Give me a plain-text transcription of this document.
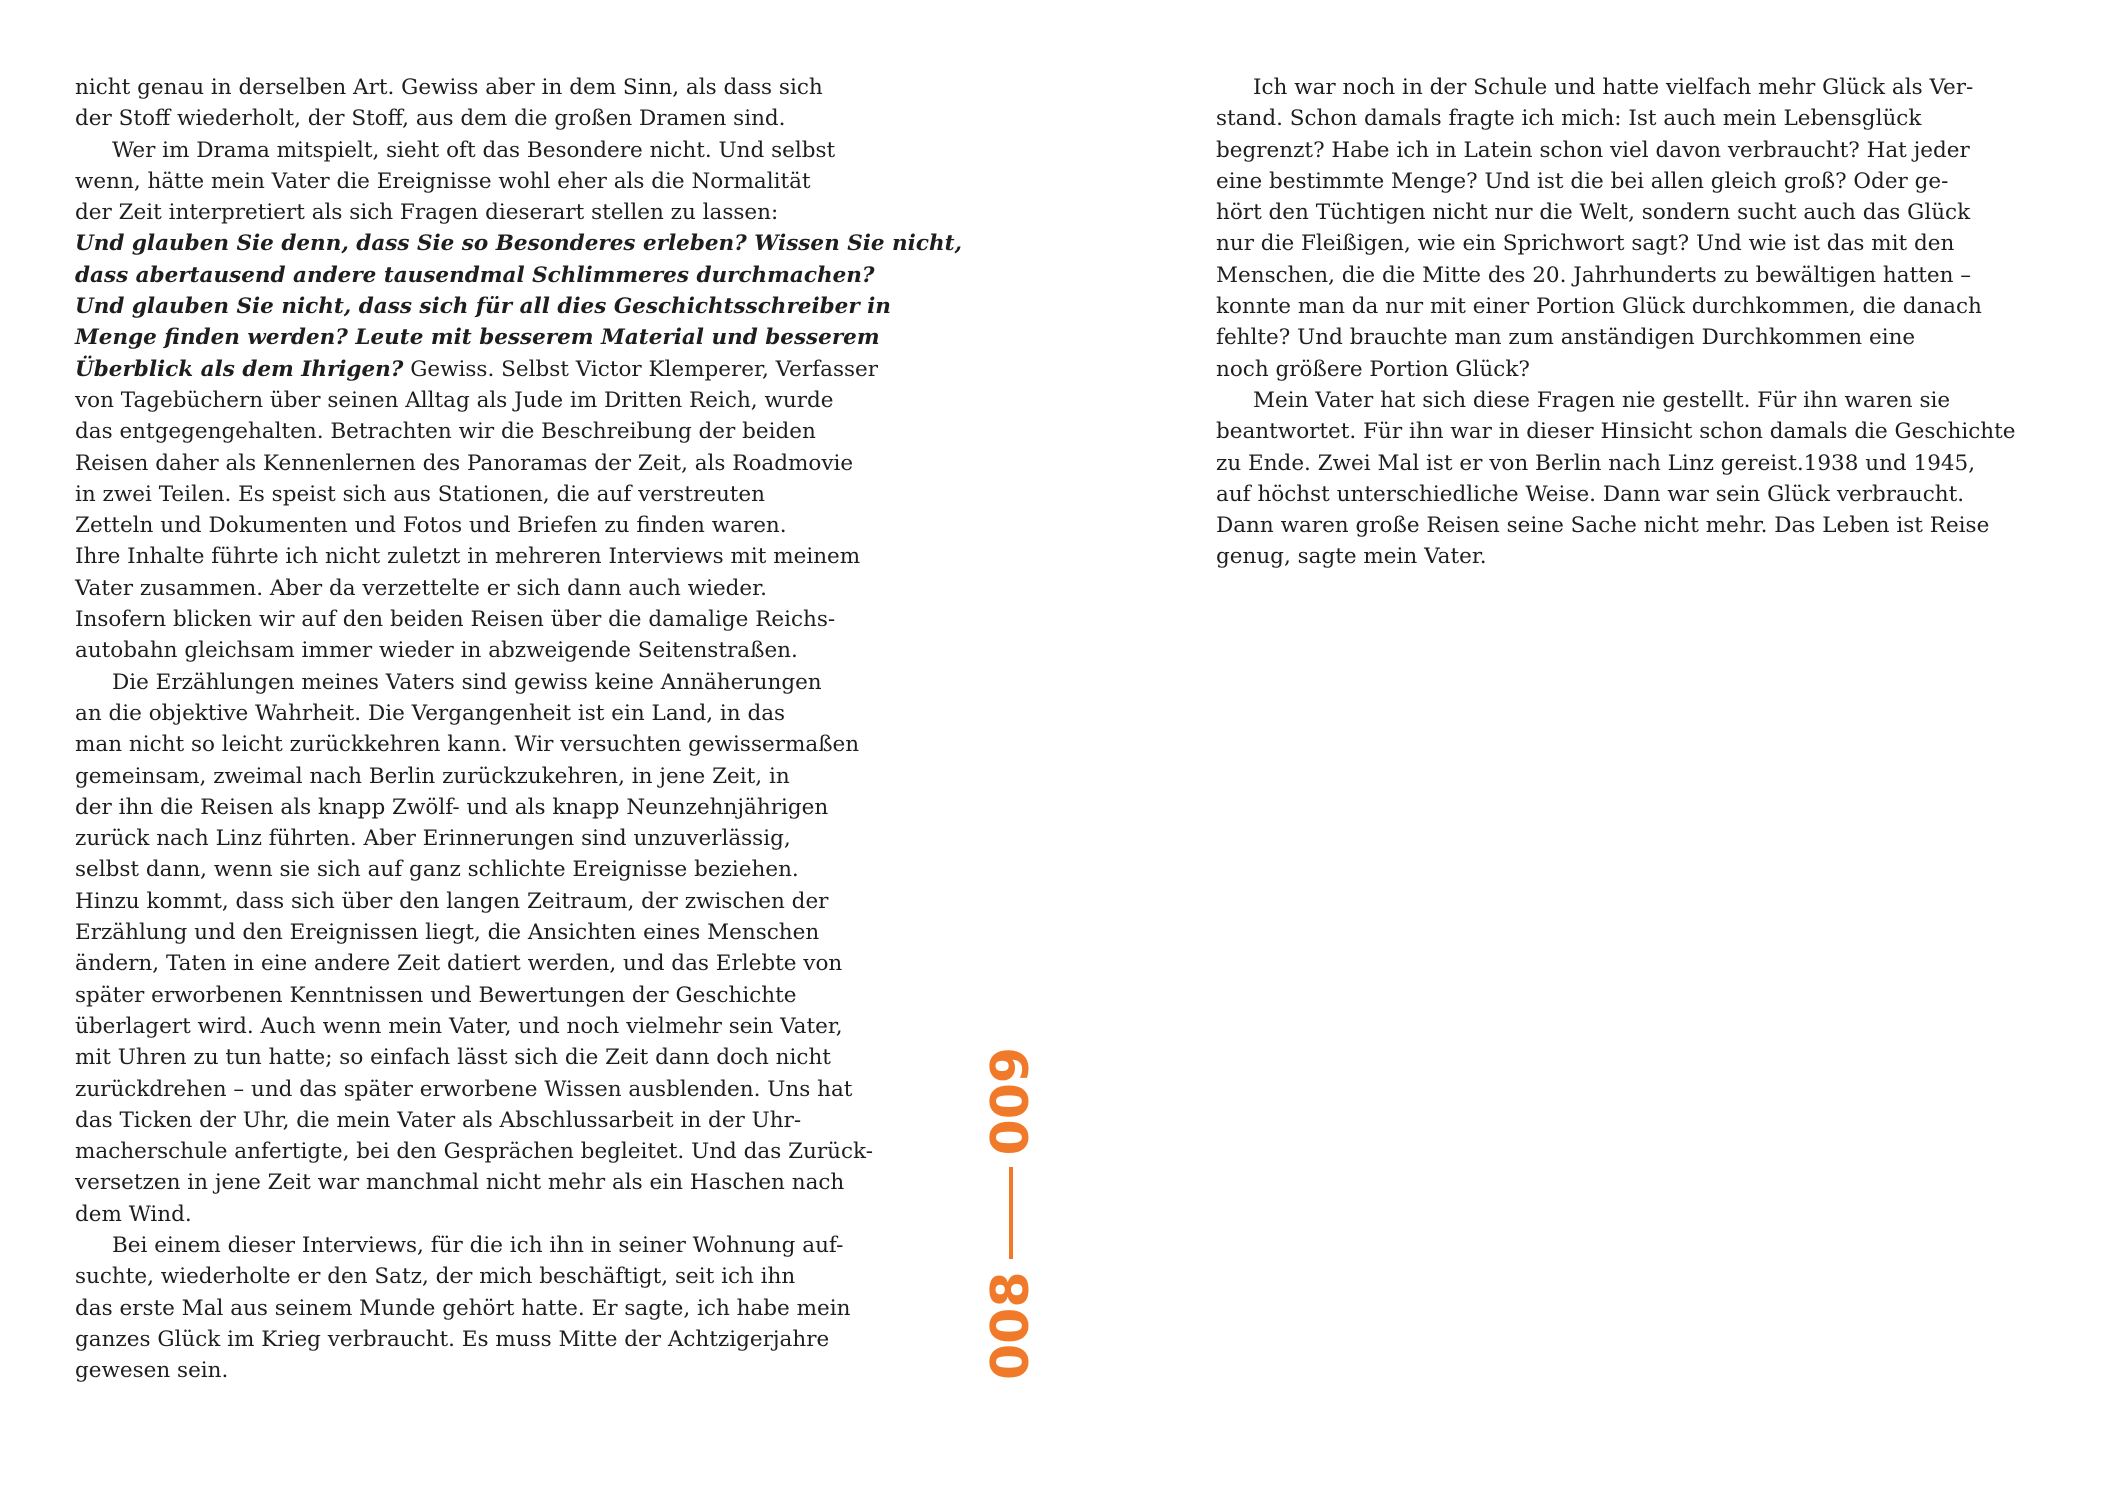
nicht genau in derselben Art. Gewiss aber in dem Sinn, als dass sich
der Stoff wiederholt, der Stoff, aus dem die großen Dramen sind.
Wer im Drama mitspielt, sieht oft das Besondere nicht. Und selbst
wenn, hätte mein Vater die Ereignisse wohl eher als die Normalität
der Zeit interpretiert als sich Fragen dieserart stellen zu lassen:
Und glauben Sie denn, dass Sie so Besonderes erleben? Wissen Sie nicht,
dass abertausend andere tausendmal Schlimmeres durchmachen?
Und glauben Sie nicht, dass sich für all dies Geschichtsschreiber in
Menge finden werden? Leute mit besserem Material und besserem
Überblick als dem Ihrigen? Gewiss. Selbst Victor Klemperer, Verfasser
von Tagebüchern über seinen Alltag als Jude im Dritten Reich, wurde
das entgegengehalten. Betrachten wir die Beschreibung der beiden
Reisen daher als Kennenlernen des Panoramas der Zeit, als Roadmovie
in zwei Teilen. Es speist sich aus Stationen, die auf verstreuten
Zetteln und Dokumenten und Fotos und Briefen zu finden waren.
Ihre Inhalte führte ich nicht zuletzt in mehreren Interviews mit meinem
Vater zusammen. Aber da verzettelte er sich dann auch wieder.
Insofern blicken wir auf den beiden Reisen über die damalige Reichs-
autobahn gleichsam immer wieder in abzweigende Seitenstraßen.
Die Erzählungen meines Vaters sind gewiss keine Annäherungen
an die objektive Wahrheit. Die Vergangenheit ist ein Land, in das
man nicht so leicht zurückkehren kann. Wir versuchten gewissermaßen
gemeinsam, zweimal nach Berlin zurückzukehren, in jene Zeit, in
der ihn die Reisen als knapp Zwölf- und als knapp Neunzehnjährigen
zurück nach Linz führten. Aber Erinnerungen sind unzuverlässig,
selbst dann, wenn sie sich auf ganz schlichte Ereignisse beziehen.
Hinzu kommt, dass sich über den langen Zeitraum, der zwischen der
Erzählung und den Ereignissen liegt, die Ansichten eines Menschen
ändern, Taten in eine andere Zeit datiert werden, und das Erlebte von
später erworbenen Kenntnissen und Bewertungen der Geschichte
überlagert wird. Auch wenn mein Vater, und noch vielmehr sein Vater,
mit Uhren zu tun hatte; so einfach lässt sich die Zeit dann doch nicht
zurückdrehen – und das später erworbene Wissen ausblenden. Uns hat
das Ticken der Uhr, die mein Vater als Abschlussarbeit in der Uhr-
macherschule anfertigte, bei den Gesprächen begleitet. Und das Zurück-
versetzen in jene Zeit war manchmal nicht mehr als ein Haschen nach
dem Wind.
Bei einem dieser Interviews, für die ich ihn in seiner Wohnung auf-
suchte, wiederholte er den Satz, der mich beschäftigt, seit ich ihn
das erste Mal aus seinem Munde gehört hatte. Er sagte, ich habe mein
ganzes Glück im Krieg verbraucht. Es muss Mitte der Achtzigerjahre
gewesen sein.
Ich war noch in der Schule und hatte vielfach mehr Glück als Ver-
stand. Schon damals fragte ich mich: Ist auch mein Lebensglück
begrenzt? Habe ich in Latein schon viel davon verbraucht? Hat jeder
eine bestimmte Menge? Und ist die bei allen gleich groß? Oder ge-
hört den Tüchtigen nicht nur die Welt, sondern sucht auch das Glück
nur die Fleißigen, wie ein Sprichwort sagt? Und wie ist das mit den
Menschen, die die Mitte des 20. Jahrhunderts zu bewältigen hatten –
konnte man da nur mit einer Portion Glück durchkommen, die danach
fehlte? Und brauchte man zum anständigen Durchkommen eine
noch größere Portion Glück?
Mein Vater hat sich diese Fragen nie gestellt. Für ihn waren sie
beantwortet. Für ihn war in dieser Hinsicht schon damals die Geschichte
zu Ende. Zwei Mal ist er von Berlin nach Linz gereist.1938 und 1945,
auf höchst unterschiedliche Weise. Dann war sein Glück verbraucht.
Dann waren große Reisen seine Sache nicht mehr. Das Leben ist Reise
genug, sagte mein Vater.
008
009
